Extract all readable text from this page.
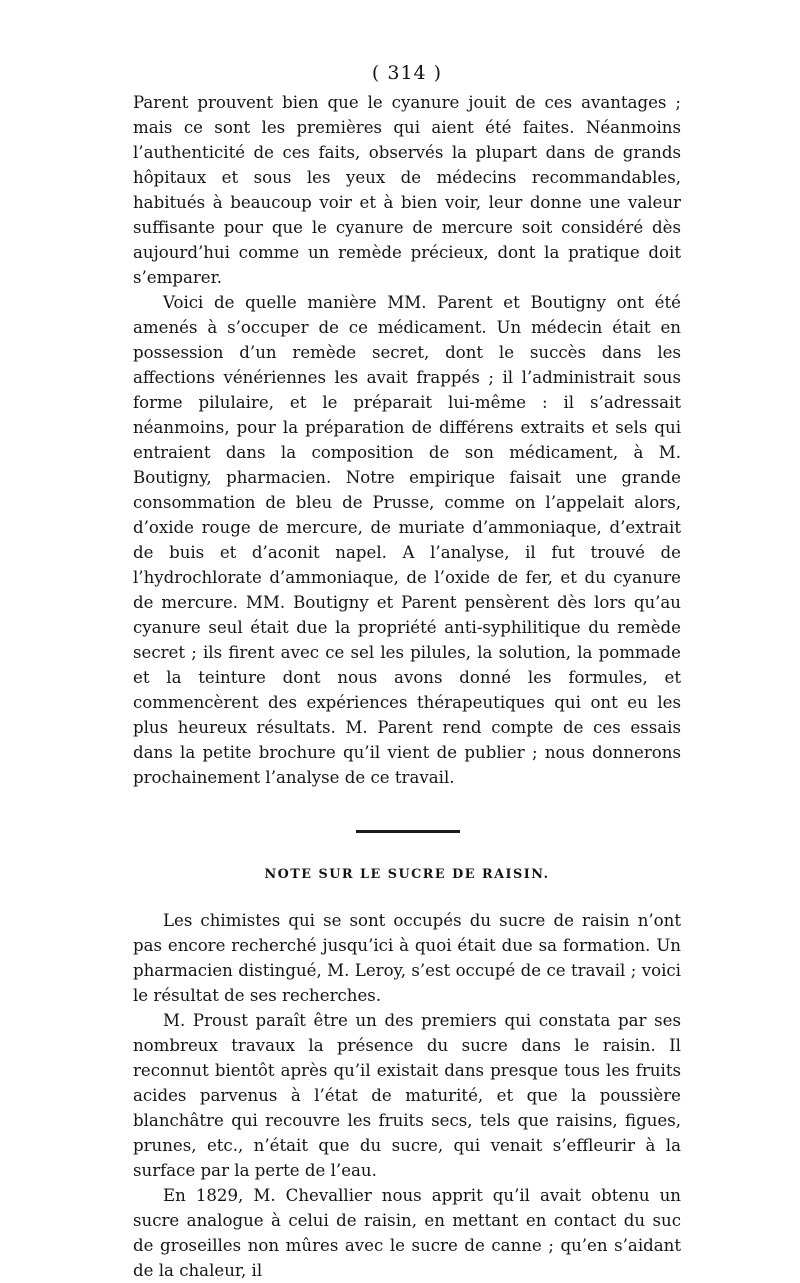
( 314 )

Parent prouvent bien que le cyanure jouit de ces avantages ; mais ce sont les premières qui aient été faites. Néanmoins l’authenticité de ces faits, observés la plupart dans de grands hôpitaux et sous les yeux de médecins recommandables, habitués à beaucoup voir et à bien voir, leur donne une valeur suffisante pour que le cyanure de mercure soit considéré dès aujourd’hui comme un remède précieux, dont la pratique doit s’emparer.

Voici de quelle manière MM. Parent et Boutigny ont été amenés à s’occuper de ce médicament. Un médecin était en possession d’un remède secret, dont le succès dans les affections vénériennes les avait frappés ; il l’administrait sous forme pilulaire, et le préparait lui-même : il s’adressait néanmoins, pour la préparation de différens extraits et sels qui entraient dans la composition de son médicament, à M. Boutigny, pharmacien. Notre empirique faisait une grande consommation de bleu de Prusse, comme on l’appelait alors, d’oxide rouge de mercure, de muriate d’ammoniaque, d’extrait de buis et d’aconit napel. A l’analyse, il fut trouvé de l’hydrochlorate d’ammoniaque, de l’oxide de fer, et du cyanure de mercure. MM. Boutigny et Parent pensèrent dès lors qu’au cyanure seul était due la propriété anti-syphilitique du remède secret ; ils firent avec ce sel les pilules, la solution, la pommade et la teinture dont nous avons donné les formules, et commencèrent des expériences thérapeutiques qui ont eu les plus heureux résultats. M. Parent rend compte de ces essais dans la petite brochure qu’il vient de publier ; nous donnerons prochainement l’analyse de ce travail.

NOTE SUR LE SUCRE DE RAISIN.

Les chimistes qui se sont occupés du sucre de raisin n’ont pas encore recherché jusqu’ici à quoi était due sa formation. Un pharmacien distingué, M. Leroy, s’est occupé de ce travail ; voici le résultat de ses recherches.

M. Proust paraît être un des premiers qui constata par ses nombreux travaux la présence du sucre dans le raisin. Il reconnut bientôt après qu’il existait dans presque tous les fruits acides parvenus à l’état de maturité, et que la poussière blanchâtre qui recouvre les fruits secs, tels que raisins, figues, prunes, etc., n’était que du sucre, qui venait s’effleurir à la surface par la perte de l’eau.

En 1829, M. Chevallier nous apprit qu’il avait obtenu un sucre analogue à celui de raisin, en mettant en contact du suc de groseilles non mûres avec le sucre de canne ; qu’en s’aidant de la chaleur, il
